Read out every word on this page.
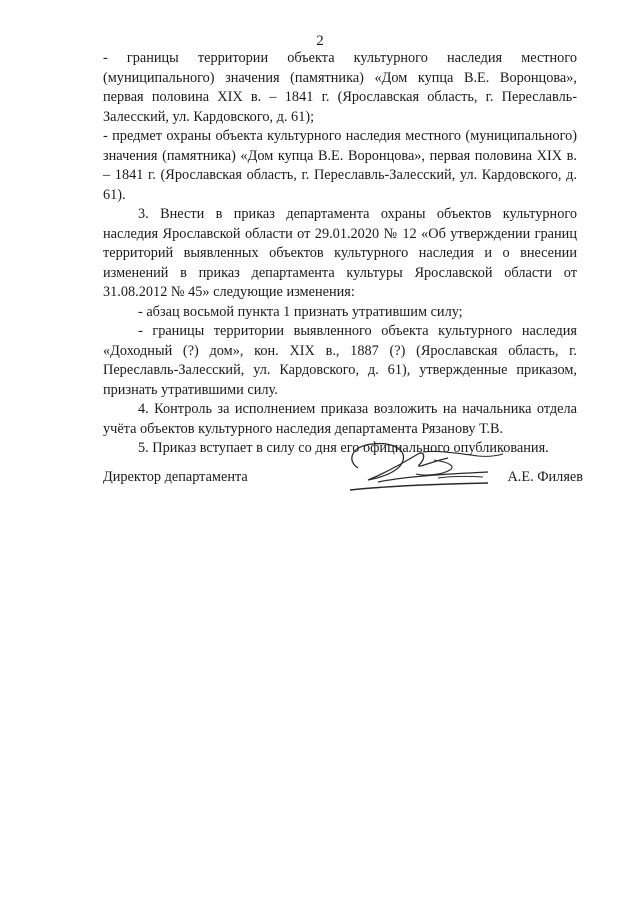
2

- границы территории объекта культурного наследия местного (муниципального) значения (памятника) «Дом купца В.Е. Воронцова», первая половина XIX в. – 1841 г. (Ярославская область, г. Переславль-Залесский, ул. Кардовского, д. 61);

- предмет охраны объекта культурного наследия местного (муниципального) значения (памятника) «Дом купца В.Е. Воронцова», первая половина XIX в. – 1841 г. (Ярославская область, г. Переславль-Залесский, ул. Кардовского, д. 61).

3. Внести в приказ департамента охраны объектов культурного наследия Ярославской области от 29.01.2020 № 12 «Об утверждении границ территорий выявленных объектов культурного наследия и о внесении изменений в приказ департамента культуры Ярославской области от 31.08.2012 № 45» следующие изменения:

- абзац восьмой пункта 1 признать утратившим силу;

- границы территории выявленного объекта культурного наследия «Доходный (?) дом», кон. XIX в., 1887 (?) (Ярославская область, г. Переславль-Залесский, ул. Кардовского, д. 61), утвержденные приказом, признать утратившими силу.

4. Контроль за исполнением приказа возложить на начальника отдела учёта объектов культурного наследия департамента Рязанову Т.В.

5. Приказ вступает в силу со дня его официального опубликования.

Директор департамента	А.Е. Филяев
